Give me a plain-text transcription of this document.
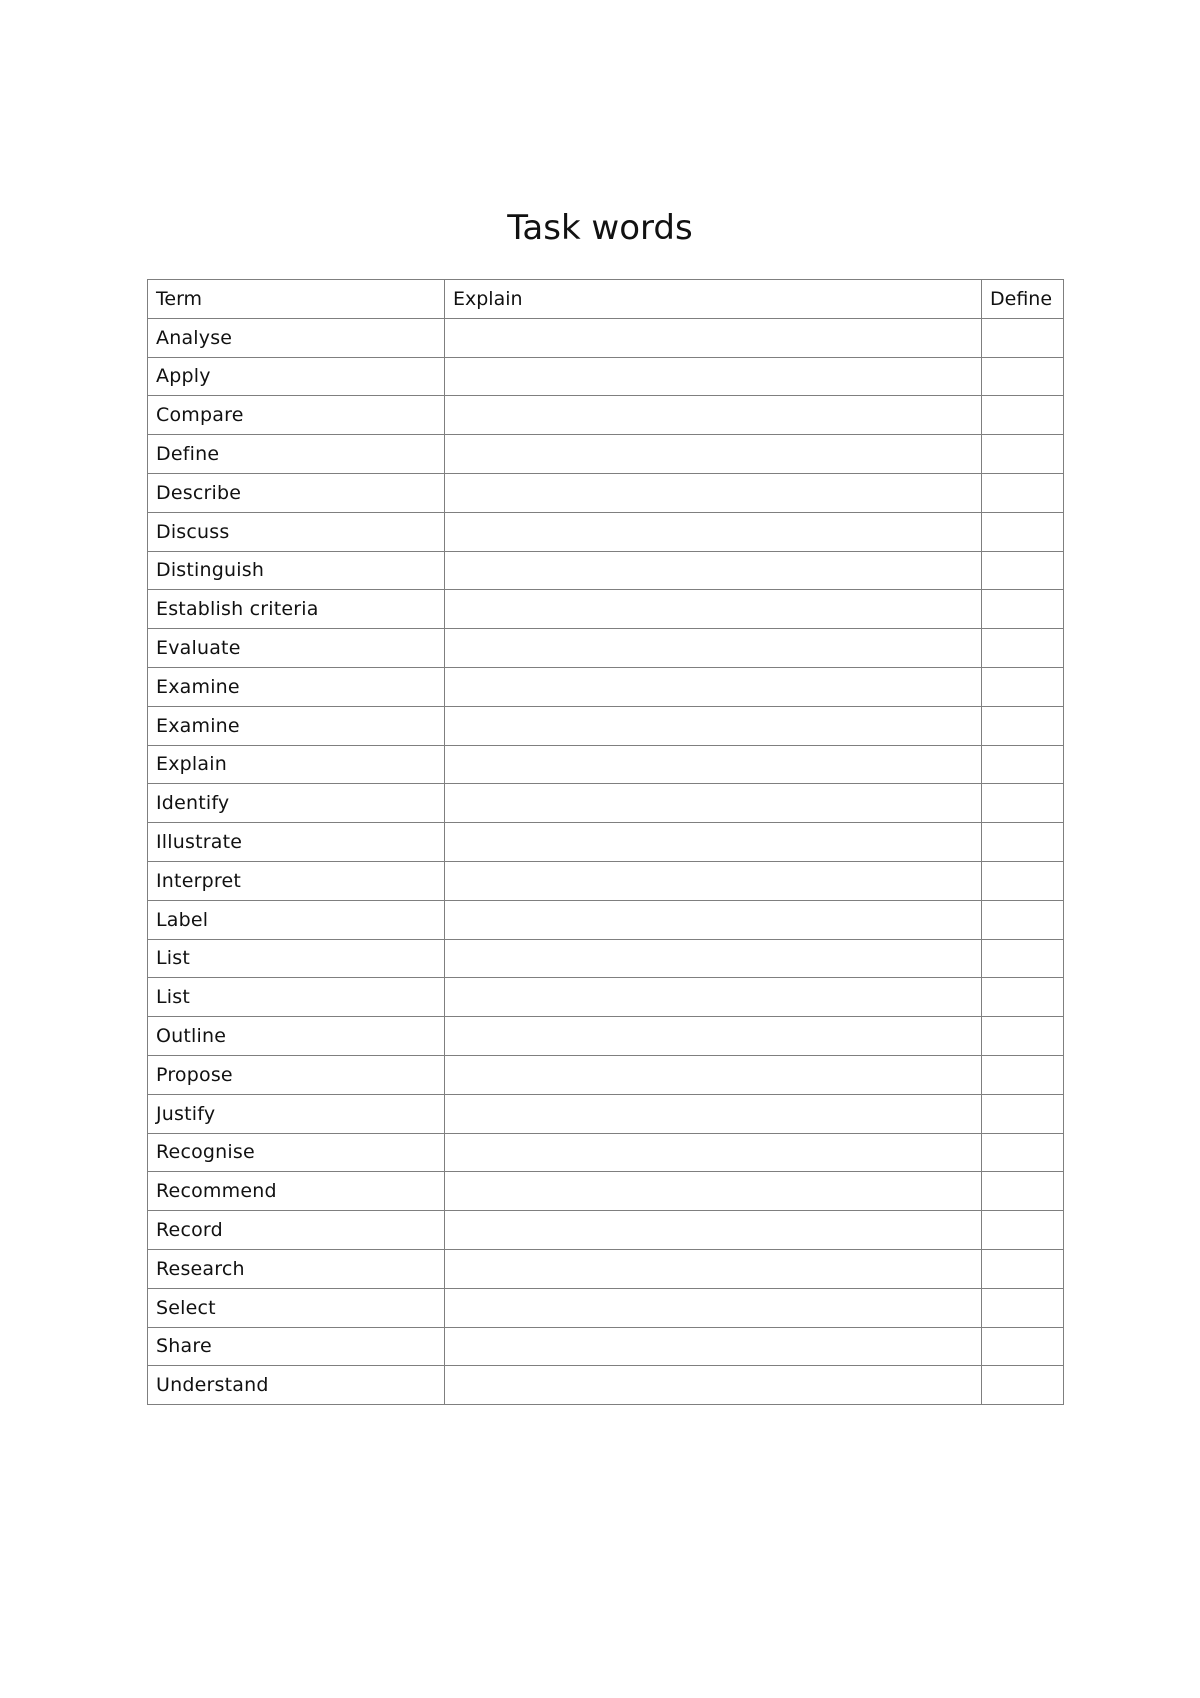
Task words
Term	Explain	Define
Analyse		
Apply		
Compare		
Define		
Describe		
Discuss		
Distinguish		
Establish criteria		
Evaluate		
Examine		
Examine		
Explain		
Identify		
Illustrate		
Interpret		
Label		
List		
List		
Outline		
Propose		
Justify		
Recognise		
Recommend		
Record		
Research		
Select		
Share		
Understand		
